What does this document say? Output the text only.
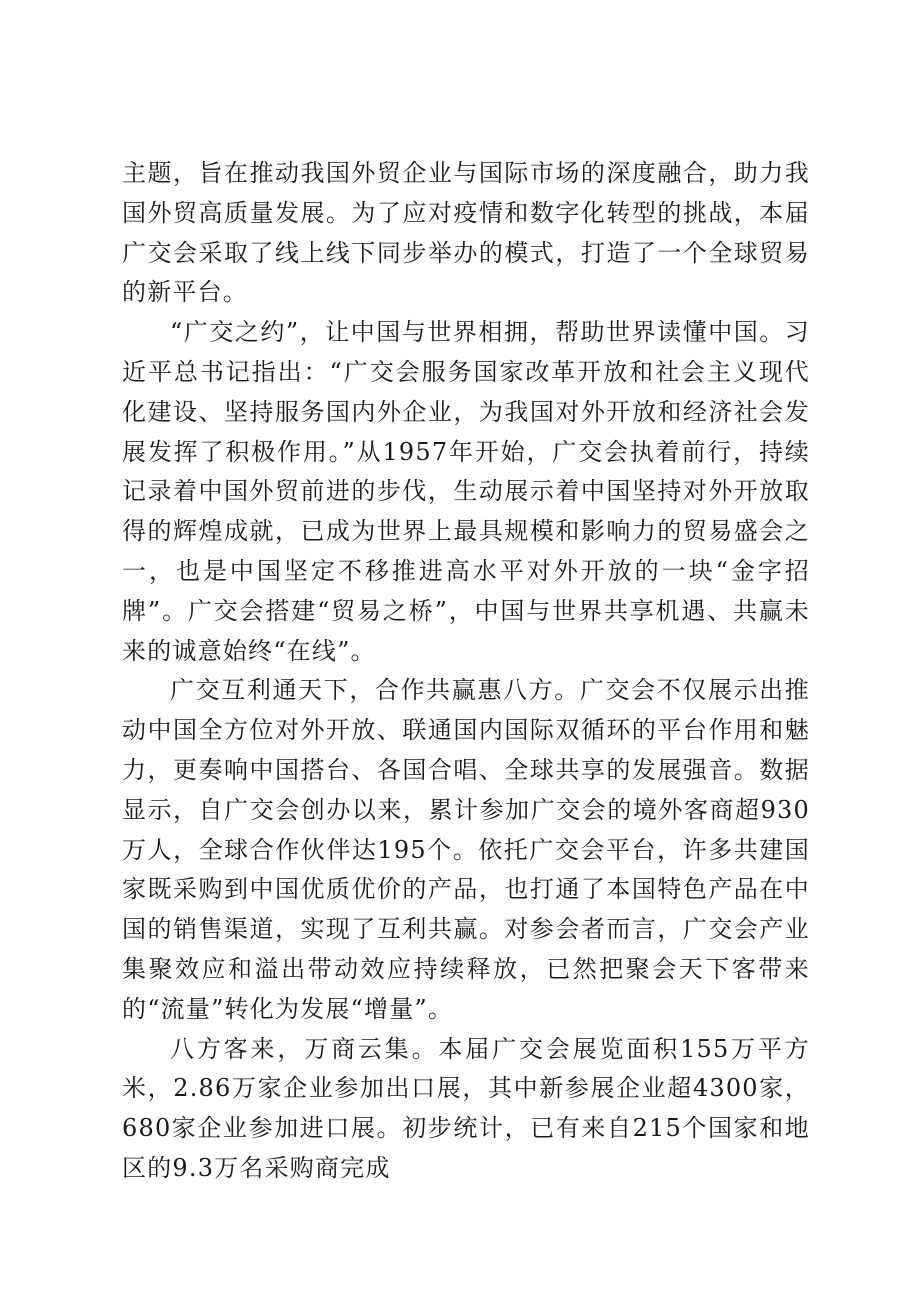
主题，旨在推动我国外贸企业与国际市场的深度融合，助力我国外贸高质量发展。为了应对疫情和数字化转型的挑战，本届广交会采取了线上线下同步举办的模式，打造了一个全球贸易的新平台。

“广交之约”，让中国与世界相拥，帮助世界读懂中国。习近平总书记指出：“广交会服务国家改革开放和社会主义现代化建设、坚持服务国内外企业，为我国对外开放和经济社会发展发挥了积极作用。”从1957年开始，广交会执着前行，持续记录着中国外贸前进的步伐，生动展示着中国坚持对外开放取得的辉煌成就，已成为世界上最具规模和影响力的贸易盛会之一，也是中国坚定不移推进高水平对外开放的一块“金字招牌”。广交会搭建“贸易之桥”，中国与世界共享机遇、共赢未来的诚意始终“在线”。

广交互利通天下，合作共赢惠八方。广交会不仅展示出推动中国全方位对外开放、联通国内国际双循环的平台作用和魅力，更奏响中国搭台、各国合唱、全球共享的发展强音。数据显示，自广交会创办以来，累计参加广交会的境外客商超930万人，全球合作伙伴达195个。依托广交会平台，许多共建国家既采购到中国优质优价的产品，也打通了本国特色产品在中国的销售渠道，实现了互利共赢。对参会者而言，广交会产业集聚效应和溢出带动效应持续释放，已然把聚会天下客带来的“流量”转化为发展“增量”。

八方客来，万商云集。本届广交会展览面积155万平方米，2.86万家企业参加出口展，其中新参展企业超4300家，680家企业参加进口展。初步统计，已有来自215个国家和地区的9.3万名采购商完成
